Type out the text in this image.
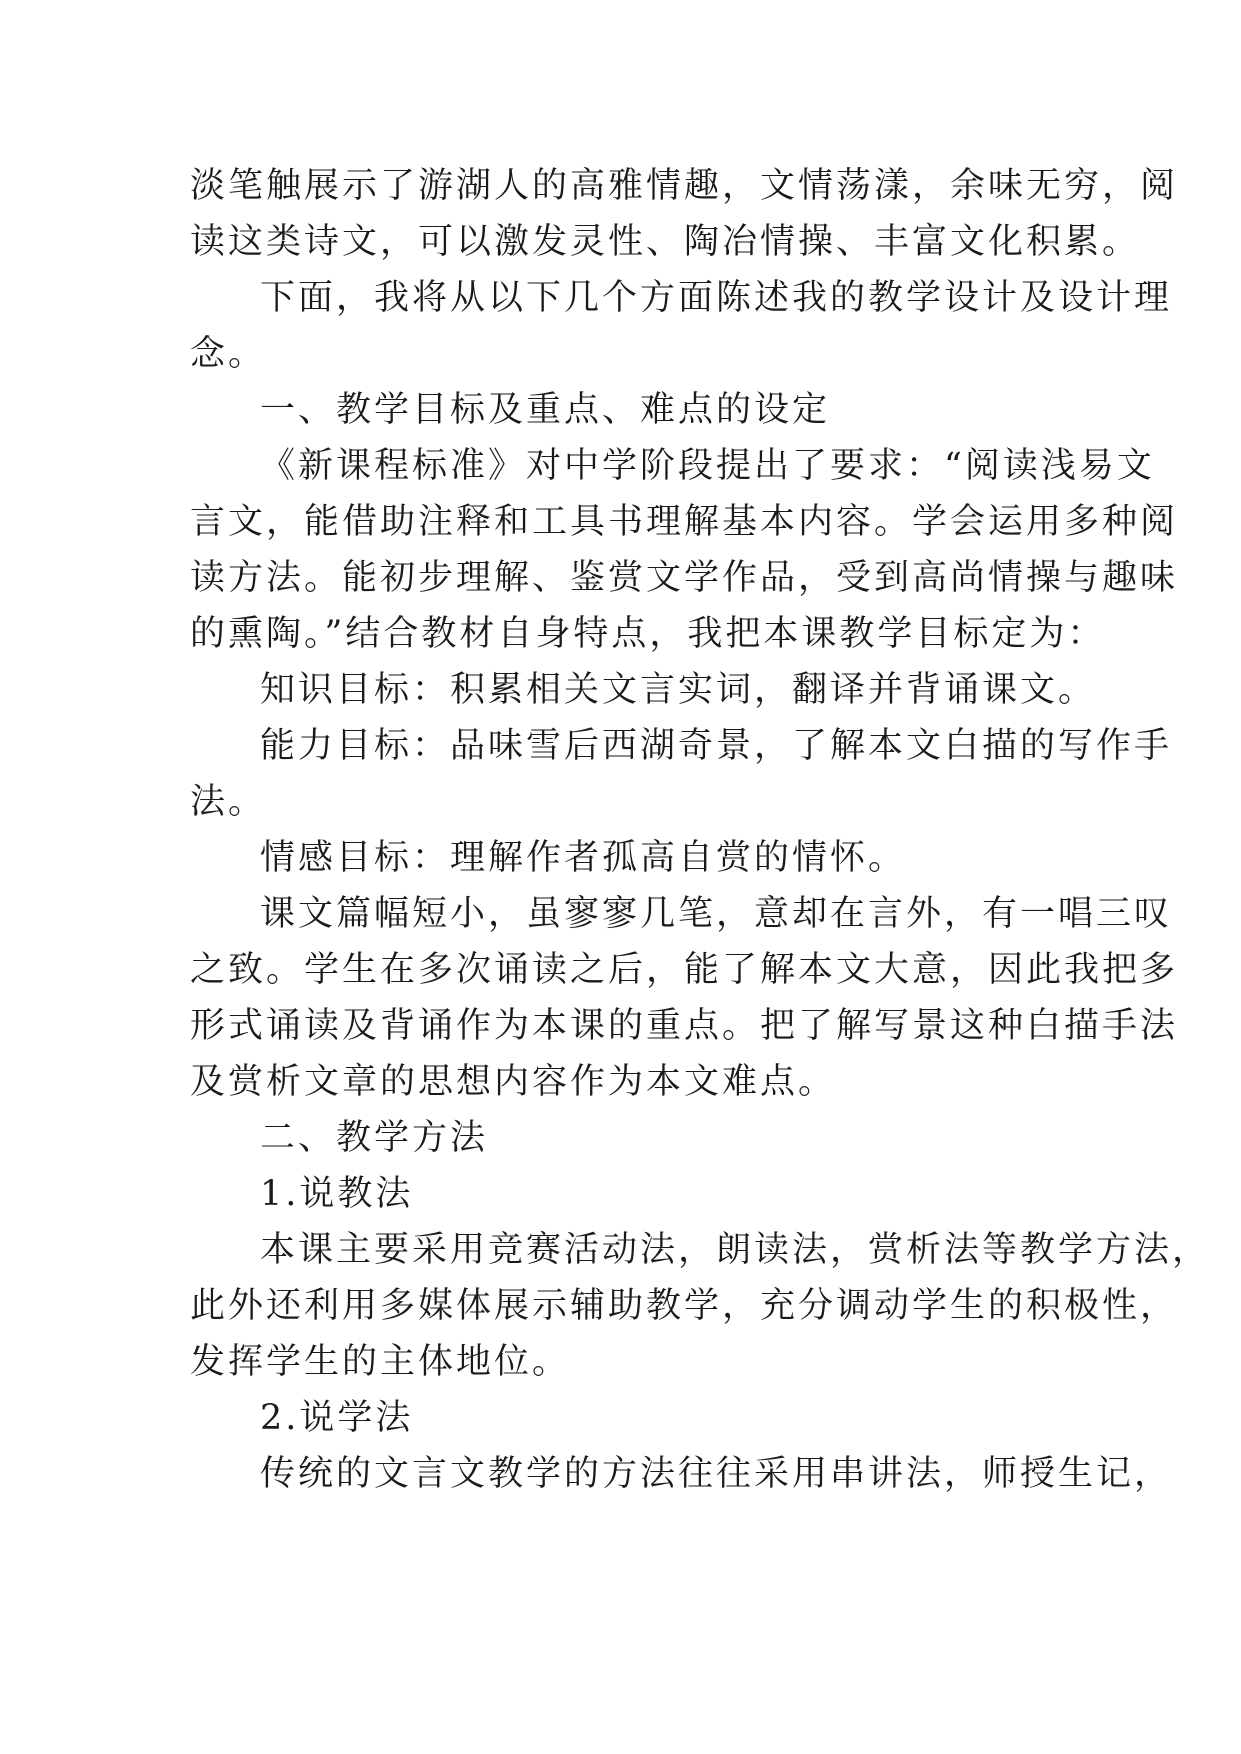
淡笔触展示了游湖人的高雅情趣，文情荡漾，余味无穷，阅

读这类诗文，可以激发灵性、陶冶情操、丰富文化积累。

下面，我将从以下几个方面陈述我的教学设计及设计理

念。

一、教学目标及重点、难点的设定

《新课程标准》对中学阶段提出了要求：“阅读浅易文

言文，能借助注释和工具书理解基本内容。学会运用多种阅

读方法。能初步理解、鉴赏文学作品，受到高尚情操与趣味

的熏陶。”结合教材自身特点，我把本课教学目标定为：

知识目标：积累相关文言实词，翻译并背诵课文。

能力目标：品味雪后西湖奇景，了解本文白描的写作手

法。

情感目标：理解作者孤高自赏的情怀。

课文篇幅短小，虽寥寥几笔，意却在言外，有一唱三叹

之致。学生在多次诵读之后，能了解本文大意，因此我把多

形式诵读及背诵作为本课的重点。把了解写景这种白描手法

及赏析文章的思想内容作为本文难点。

二、教学方法

1.说教法

本课主要采用竞赛活动法，朗读法，赏析法等教学方法，

此外还利用多媒体展示辅助教学，充分调动学生的积极性，

发挥学生的主体地位。

2.说学法

传统的文言文教学的方法往往采用串讲法，师授生记，
